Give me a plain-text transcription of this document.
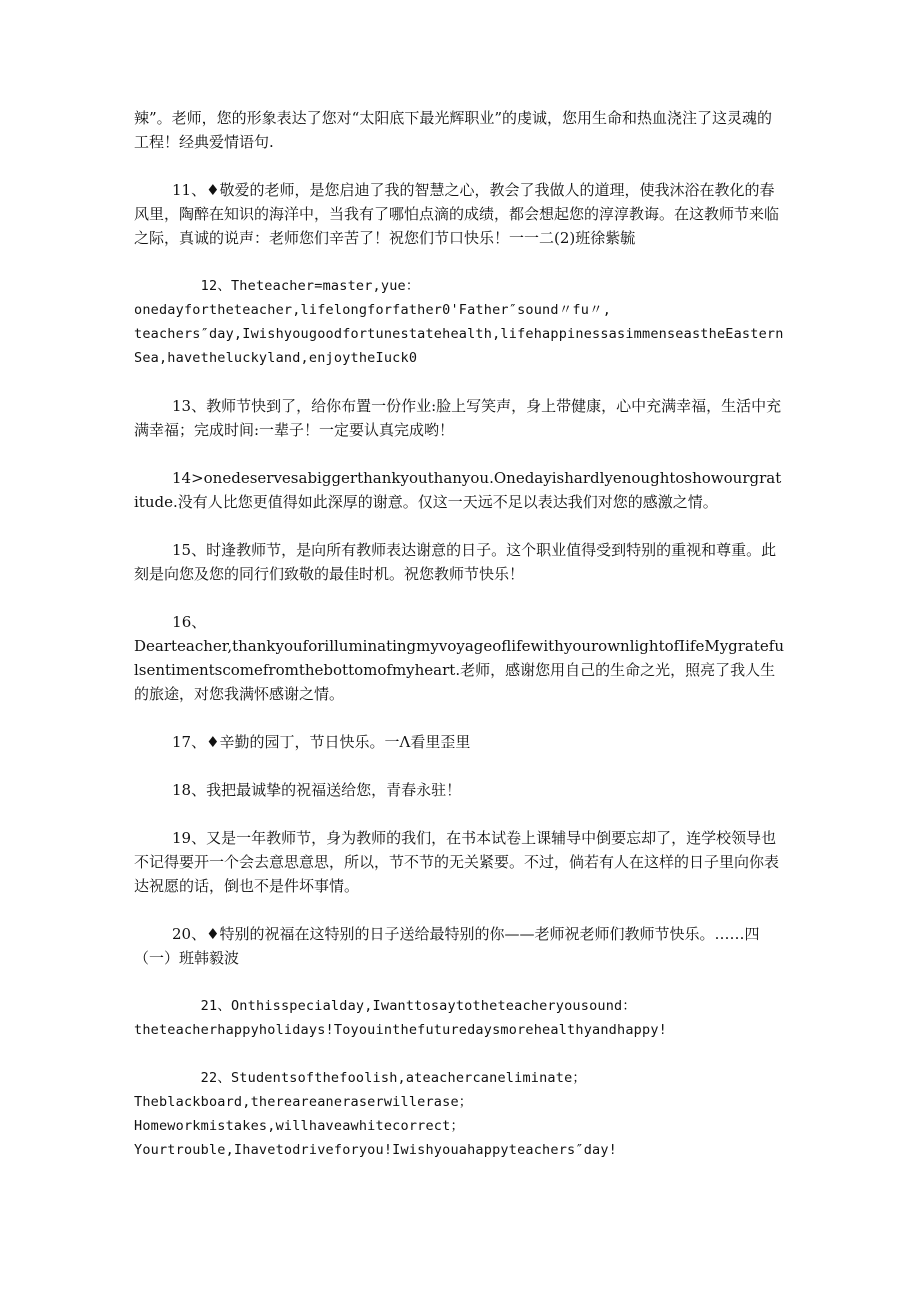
辣”。老师，您的形象表达了您对“太阳底下最光辉职业”的虔诚，您用生命和热血浇注了这灵魂的工程！经典爱情语句.
11、♦敬爱的老师，是您启迪了我的智慧之心，教会了我做人的道理，使我沐浴在教化的春风里，陶醉在知识的海洋中，当我有了哪怕点滴的成绩，都会想起您的淳淳教诲。在这教师节来临之际，真诚的说声：老师您们辛苦了！祝您们节口快乐！一一二(2)班徐紫毓
12、Theteacher=master,yue：
onedayfortheteacher,lifelongforfather0'Father″sound〃fu〃,
teachers″day,Iwishyougoodfortunestatehealth,lifehappinessasimmenseastheEasternSea,havetheluckyland,enjoytheIuck0
13、教师节快到了，给你布置一份作业:脸上写笑声，身上带健康，心中充满幸福，生活中充满幸福；完成时间:一辈子！一定要认真完成哟！
14>onedeservesabiggerthankyouthanyou.Onedayishardlyenoughtoshowourgratitude.没有人比您更值得如此深厚的谢意。仅这一天远不足以表达我们对您的感激之情。
15、时逢教师节，是向所有教师表达谢意的日子。这个职业值得受到特别的重视和尊重。此刻是向您及您的同行们致敬的最佳时机。祝您教师节快乐！
16、
Dearteacher,thankyouforilluminatingmyvoyageoflifewithyourownlightofIifeMygratefulsentimentscomefromthebottomofmyheart.老师，感谢您用自己的生命之光，照亮了我人生的旅途，对您我满怀感谢之情。
17、♦辛勤的园丁，节日快乐。一Λ看里歪里
18、我把最诚挚的祝福送给您，青春永驻！
19、又是一年教师节，身为教师的我们，在书本试卷上课辅导中倒要忘却了，连学校领导也不记得要开一个会去意思意思，所以，节不节的无关紧要。不过，倘若有人在这样的日子里向你表达祝愿的话，倒也不是件坏事情。
20、♦特别的祝福在这特别的日子送给最特别的你——老师祝老师们教师节快乐。……四（一）班韩毅波
21、Onthisspecialday,Iwanttosaytotheteacheryousound：
theteacherhappyholidays!Toyouinthefuturedaysmorehealthyandhappy!
22、Studentsofthefoolish,ateachercaneliminate；
Theblackboard,thereareaneraserwillerase；
Homeworkmistakes,willhaveawhitecorrect；
Yourtrouble,Ihavetodriveforyou!Iwishyouahappyteachers″day!
